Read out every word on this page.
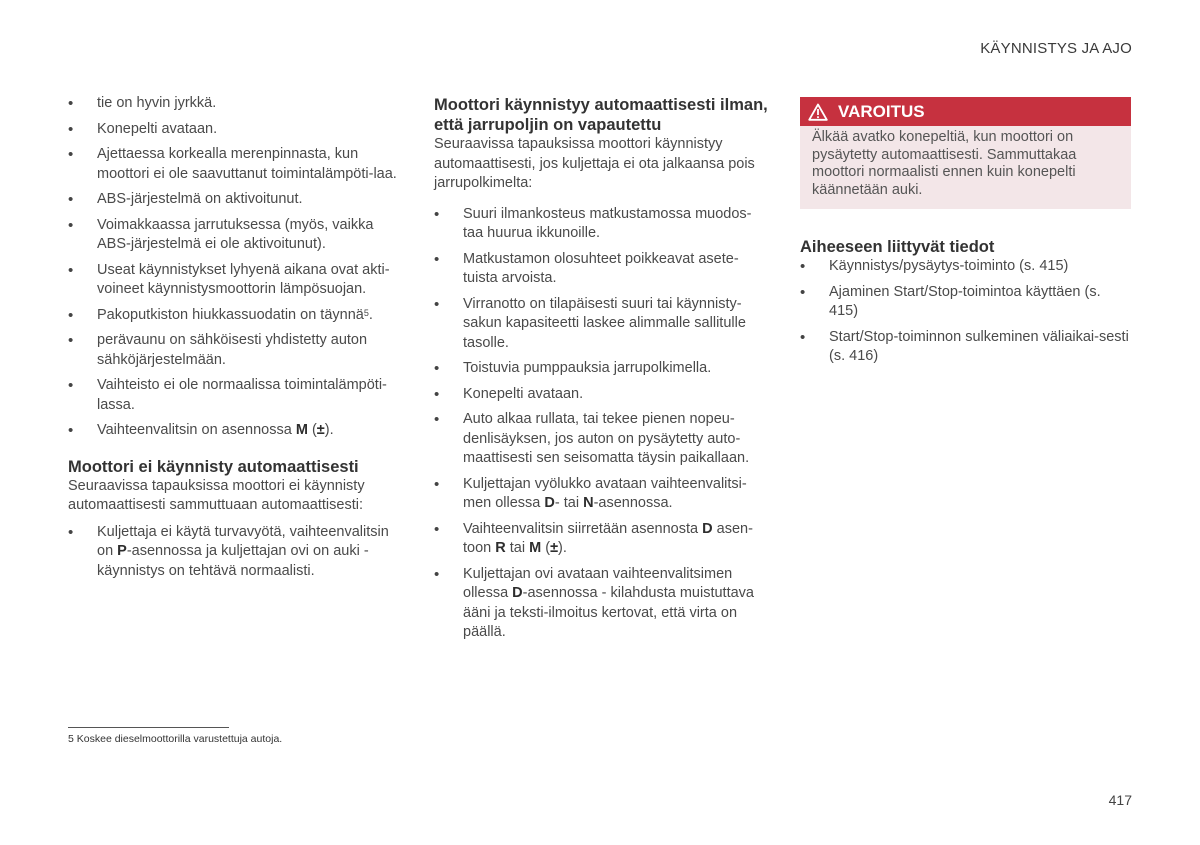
KÄYNNISTYS JA AJO
• tie on hyvin jyrkkä.
• Konepelti avataan.
• Ajettaessa korkealla merenpinnasta, kun moottori ei ole saavuttanut toimintalämpöti-laa.
• ABS-järjestelmä on aktivoitunut.
• Voimakkaassa jarrutuksessa (myös, vaikka ABS-järjestelmä ei ole aktivoitunut).
• Useat käynnistykset lyhyenä aikana ovat akti-voineet käynnistysmoottorin lämpösuojan.
• Pakoputkiston hiukkassuodatin on täynnä$^5$.
• perävaunu on sähköisesti yhdistetty auton sähköjärjestelmään.
• Vaihteisto ei ole normaalissa toimintalämpöti-lassa.
• Vaihteenvalitsin on asennossa M (±).
Moottori ei käynnisty automaattisesti

Seuraavissa tapauksissa moottori ei käynnisty automaattisesti sammuttuaan automaattisesti:

• Kuljettaja ei käytä turvavyötä, vaihteenvalitsin on P-asennossa ja kuljettajan ovi on auki - käynnistys on tehtävä normaalisti.
Moottori käynnistyy automaattisesti ilman, että jarrupoljin on vapautettu

Seuraavissa tapauksissa moottori käynnistyy automaattisesti, jos kuljettaja ei ota jalkaansa pois jarrupolkimelta:

• Suuri ilmankosteus matkustamossa muodos-taa huurua ikkunoille.
• Matkustamon olosuhteet poikkeavat asete-tuista arvoista.
• Virranotto on tilapäisesti suuri tai käynnisty-sakun kapasiteetti laskee alimmalle sallitulle tasolle.
• Toistuvia pumppauksia jarrupolkimella.
• Konepelti avataan.
• Auto alkaa rullata, tai tekee pienen nopeu-denlisäyksen, jos auton on pysäytetty auto-maattisesti sen seisomatta täysin paikallaan.
• Kuljettajan vyölukko avataan vaihteenvalitsi-men ollessa D- tai N-asennossa.
• Vaihteenvalitsin siirretään asennosta D asen-toon R tai M (±).
• Kuljettajan ovi avataan vaihteenvalitsimen ollessa D-asennossa - kilahdusta muistuttava ääni ja teksti-ilmoitus kertovat, että virta on päällä.
VAROITUS
Älkää avatko konepeltiä, kun moottori on pysäytetty automaattisesti. Sammuttakaa moottori normaalisti ennen kuin konepelti käännetään auki.
Aiheeseen liittyvät tiedot
• Käynnistys/pysäytys-toiminto (s. 415)
• Ajaminen Start/Stop-toimintoa käyttäen (s. 415)
• Start/Stop-toiminnon sulkeminen väliaikai-sesti (s. 416)
5 Koskee dieselmoottorilla varustettuja autoja.
417
